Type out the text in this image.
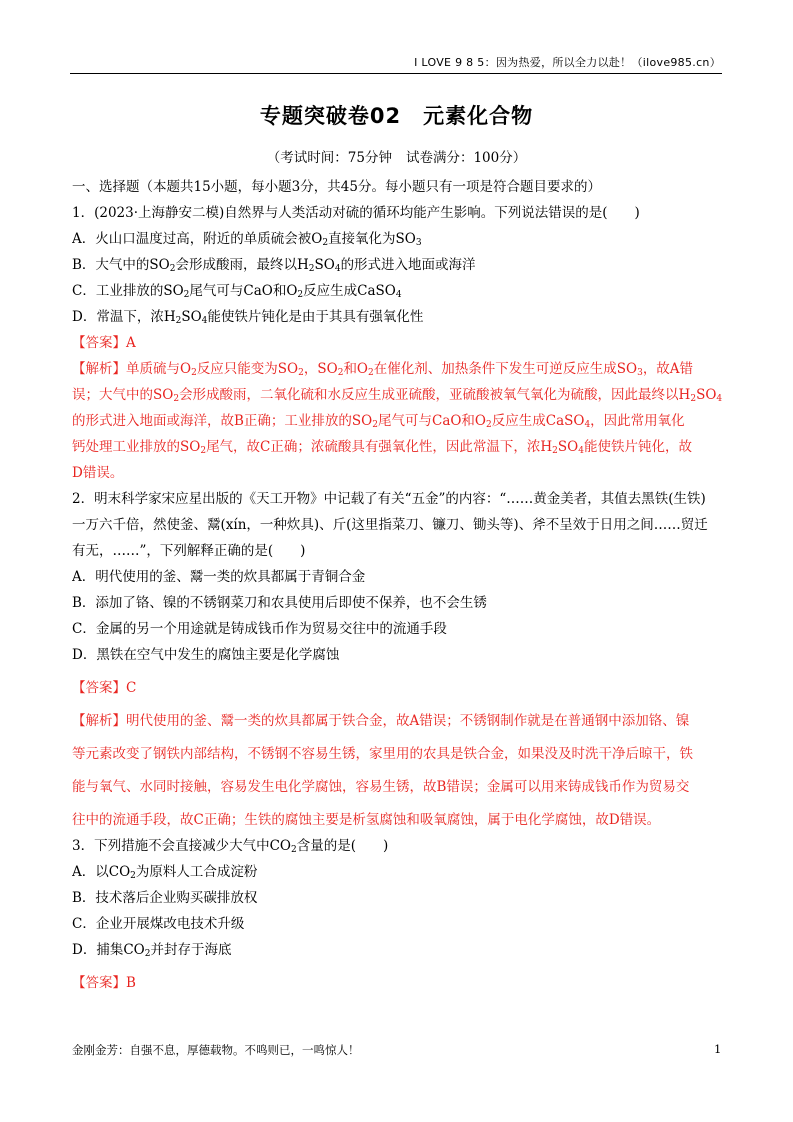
I LOVE 9 8 5：因为热爱，所以全力以赴！（ilove985.cn）
专题突破卷02 元素化合物
（考试时间：75分钟 试卷满分：100分）
一、选择题（本题共15小题，每小题3分，共45分。每小题只有一项是符合题目要求的）
1．(2023·上海静安二模)自然界与人类活动对硫的循环均能产生影响。下列说法错误的是(　　)
A．火山口温度过高，附近的单质硫会被$O_2$直接氧化为$SO_3$
B．大气中的$SO_2$会形成酸雨，最终以$H_2SO_4$的形式进入地面或海洋
C．工业排放的$SO_2$尾气可与CaO和$O_2$反应生成CaSO$_4$
D．常温下，浓$H_2SO_4$能使铁片钝化是由于其具有强氧化性
【答案】A
【解析】单质硫与$O_2$反应只能变为$SO_2$，$SO_2$和$O_2$在催化剂、加热条件下发生可逆反应生成$SO_3$，故A错
误；大气中的$SO_2$会形成酸雨，二氧化硫和水反应生成亚硫酸，亚硫酸被氧气氧化为硫酸，因此最终以$H_2SO_4$
的形式进入地面或海洋，故B正确；工业排放的$SO_2$尾气可与CaO和$O_2$反应生成CaSO$_4$，因此常用氧化
钙处理工业排放的$SO_2$尾气，故C正确；浓硫酸具有强氧化性，因此常温下，浓$H_2SO_4$能使铁片钝化，故
D错误。
2．明末科学家宋应星出版的《天工开物》中记载了有关“五金”的内容：“……黄金美者，其值去黑铁(生铁)
一万六千倍，然使釜、鬵(xín，一种炊具)、斤(这里指菜刀、镰刀、锄头等)、斧不呈效于日用之间……贸迁
有无，……”，下列解释正确的是(　　)
A．明代使用的釜、鬵一类的炊具都属于青铜合金
B．添加了铬、镍的不锈钢菜刀和农具使用后即使不保养，也不会生锈
C．金属的另一个用途就是铸成钱币作为贸易交往中的流通手段
D．黑铁在空气中发生的腐蚀主要是化学腐蚀
【答案】C
【解析】明代使用的釜、鬵一类的炊具都属于铁合金，故A错误；不锈钢制作就是在普通钢中添加铬、镍
等元素改变了钢铁内部结构，不锈钢不容易生锈，家里用的农具是铁合金，如果没及时洗干净后晾干，铁
能与氧气、水同时接触，容易发生电化学腐蚀，容易生锈，故B错误；金属可以用来铸成钱币作为贸易交
往中的流通手段，故C正确；生铁的腐蚀主要是析氢腐蚀和吸氧腐蚀，属于电化学腐蚀，故D错误。
3．下列措施不会直接减少大气中$CO_2$含量的是(　　)
A．以$CO_2$为原料人工合成淀粉
B．技术落后企业购买碳排放权
C．企业开展煤改电技术升级
D．捕集$CO_2$并封存于海底
【答案】B
金刚金芳：自强不息，厚德载物。不鸣则已，一鸣惊人！	1
